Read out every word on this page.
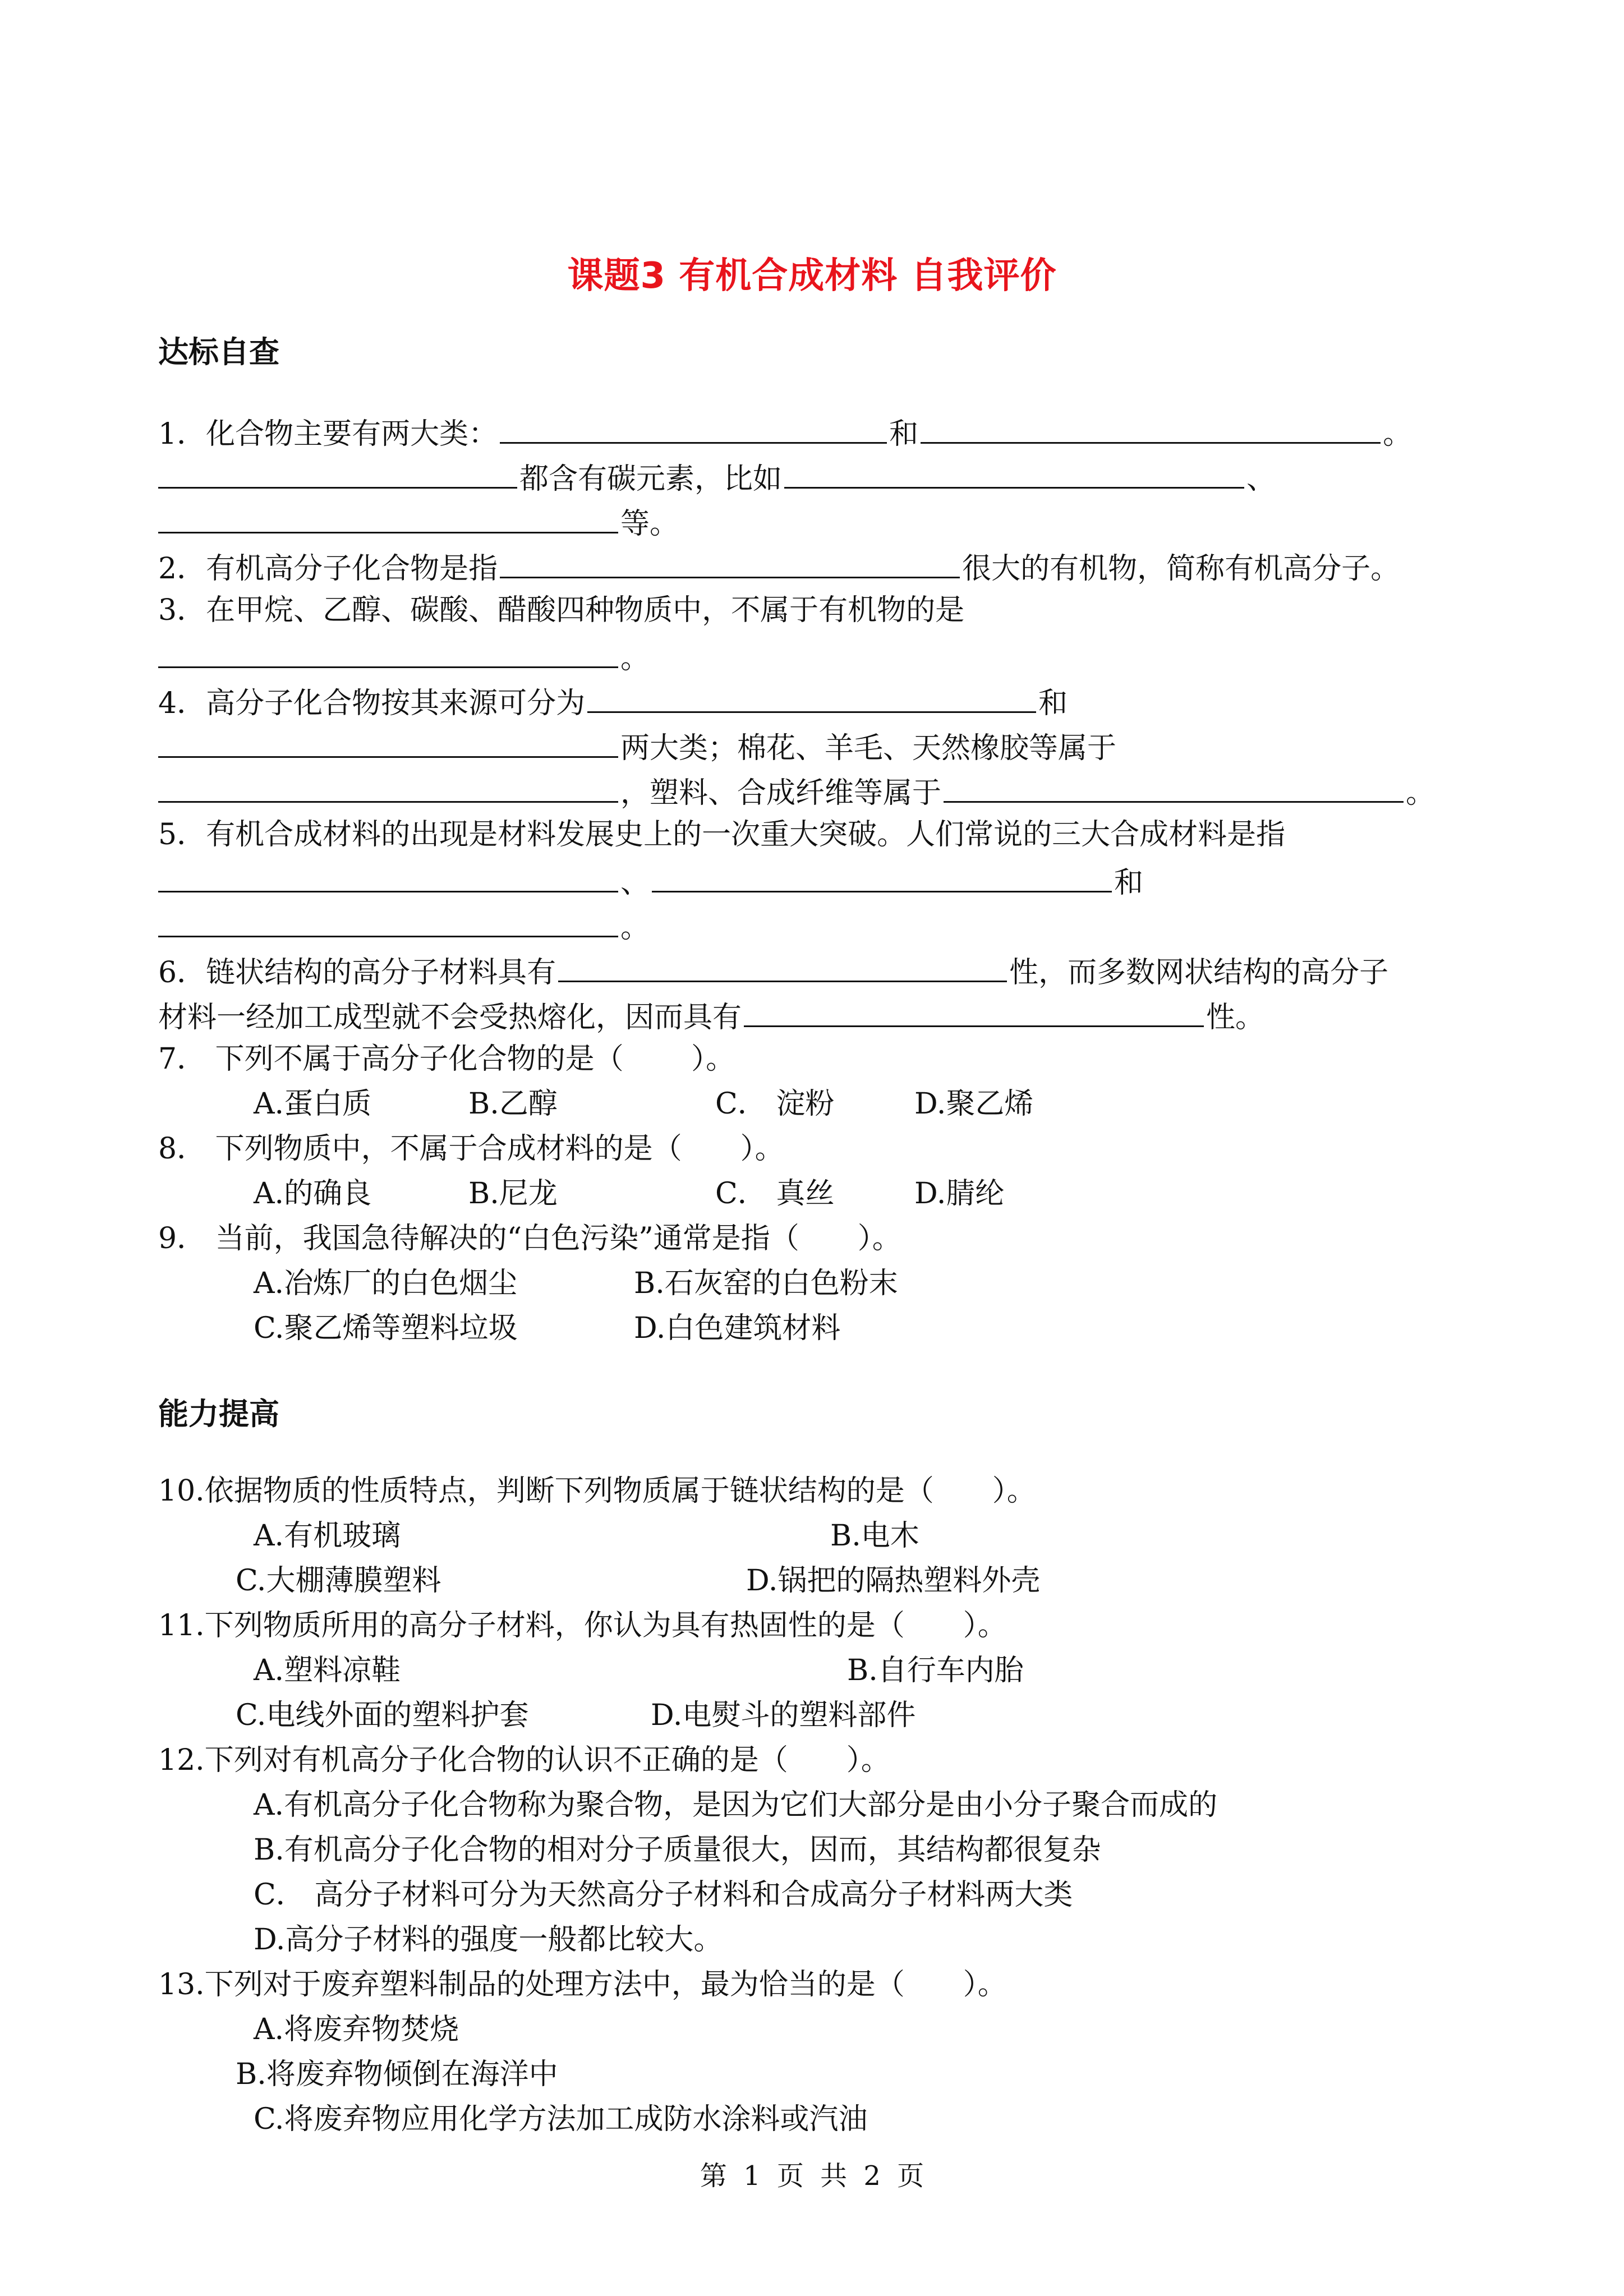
课题3 有机合成材料 自我评价
达标自查
1．化合物主要有两大类：	和	。
都含有碳元素，比如	、
等。
2．有机高分子化合物是指	很大的有机物，简称有机高分子。
3．在甲烷、乙醇、碳酸、醋酸四种物质中，不属于有机物的是
。
4．高分子化合物按其来源可分为	和
两大类；棉花、羊毛、天然橡胶等属于
，塑料、合成纤维等属于	。
5．有机合成材料的出现是材料发展史上的一次重大突破。人们常说的三大合成材料是指
、	和
。
6．链状结构的高分子材料具有	性，而多数网状结构的高分子
材料一经加工成型就不会受热熔化，因而具有	性。
7． 下列不属于高分子化合物的是（　　 ）。
A.蛋白质	B.乙醇	C． 淀粉	D.聚乙烯
8． 下列物质中，不属于合成材料的是（　　）。
A.的确良	B.尼龙	C． 真丝	D.腈纶
9． 当前，我国急待解决的“白色污染”通常是指（　　）。
A.冶炼厂的白色烟尘	B.石灰窑的白色粉末
C.聚乙烯等塑料垃圾	D.白色建筑材料
能力提高
10.依据物质的性质特点，判断下列物质属于链状结构的是（　　）。
A.有机玻璃	B.电木
C.大棚薄膜塑料	D.锅把的隔热塑料外壳
11.下列物质所用的高分子材料，你认为具有热固性的是（　　）。
A.塑料凉鞋	B.自行车内胎
C.电线外面的塑料护套	D.电熨斗的塑料部件
12.下列对有机高分子化合物的认识不正确的是（　　）。
A.有机高分子化合物称为聚合物，是因为它们大部分是由小分子聚合而成的
B.有机高分子化合物的相对分子质量很大，因而，其结构都很复杂
C． 高分子材料可分为天然高分子材料和合成高分子材料两大类
D.高分子材料的强度一般都比较大。
13.下列对于废弃塑料制品的处理方法中，最为恰当的是（　　）。
A.将废弃物焚烧
B.将废弃物倾倒在海洋中
C.将废弃物应用化学方法加工成防水涂料或汽油
第 1 页 共 2 页
